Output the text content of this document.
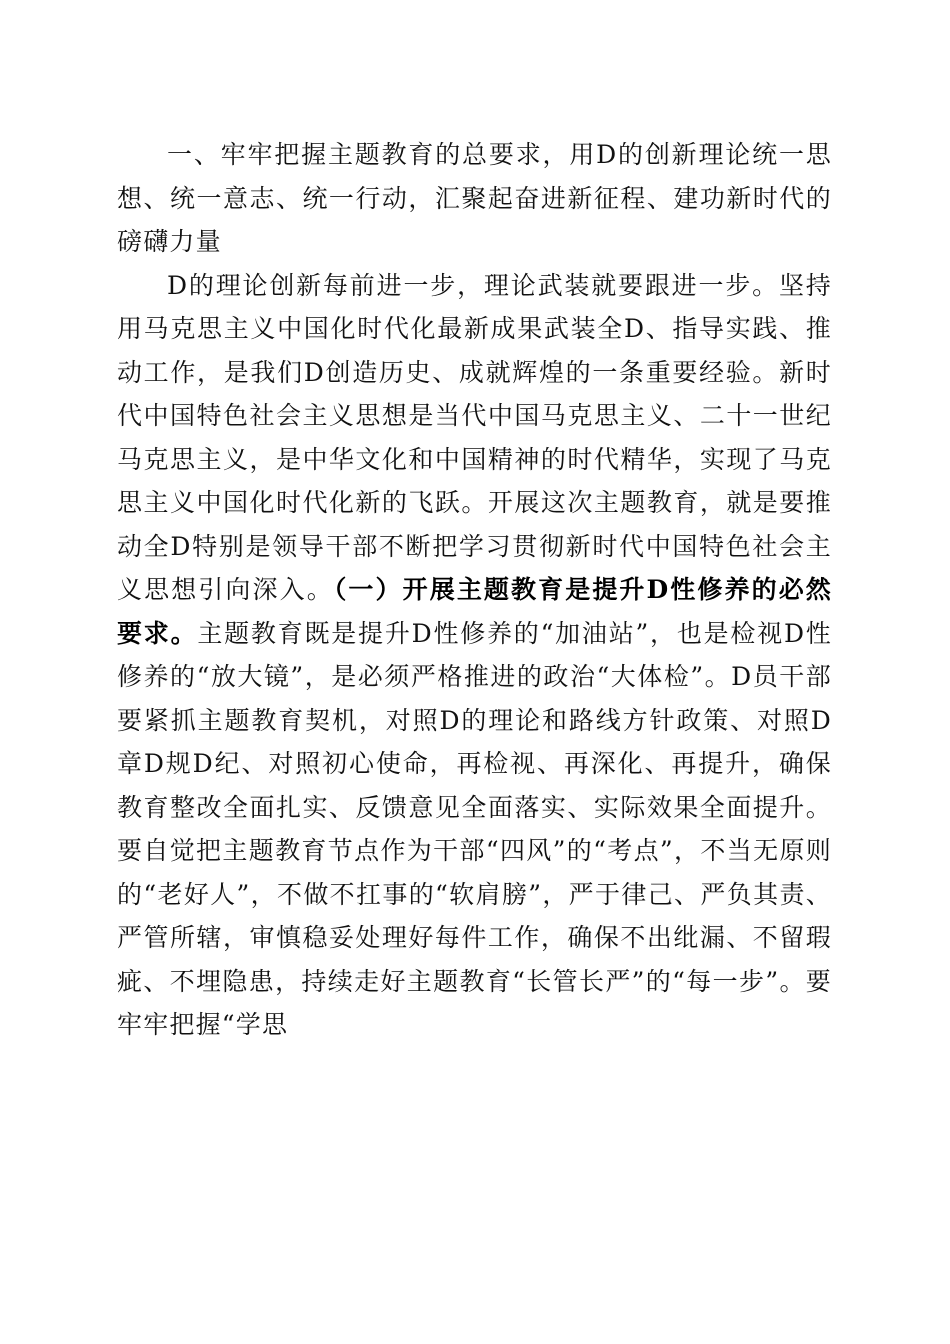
一、牢牢把握主题教育的总要求，用D的创新理论统一思想、统一意志、统一行动，汇聚起奋进新征程、建功新时代的磅礴力量

D的理论创新每前进一步，理论武装就要跟进一步。坚持用马克思主义中国化时代化最新成果武装全D、指导实践、推动工作，是我们D创造历史、成就辉煌的一条重要经验。新时代中国特色社会主义思想是当代中国马克思主义、二十一世纪马克思主义，是中华文化和中国精神的时代精华，实现了马克思主义中国化时代化新的飞跃。开展这次主题教育，就是要推动全D特别是领导干部不断把学习贯彻新时代中国特色社会主义思想引向深入。（一）开展主题教育是提升D性修养的必然要求。主题教育既是提升D性修养的“加油站”，也是检视D性修养的“放大镜”，是必须严格推进的政治“大体检”。D员干部要紧抓主题教育契机，对照D的理论和路线方针政策、对照D章D规D纪、对照初心使命，再检视、再深化、再提升，确保教育整改全面扎实、反馈意见全面落实、实际效果全面提升。要自觉把主题教育节点作为干部“四风”的“考点”，不当无原则的“老好人”，不做不扛事的“软肩膀”，严于律己、严负其责、严管所辖，审慎稳妥处理好每件工作，确保不出纰漏、不留瑕疵、不埋隐患，持续走好主题教育“长管长严”的“每一步”。要牢牢把握“学思
